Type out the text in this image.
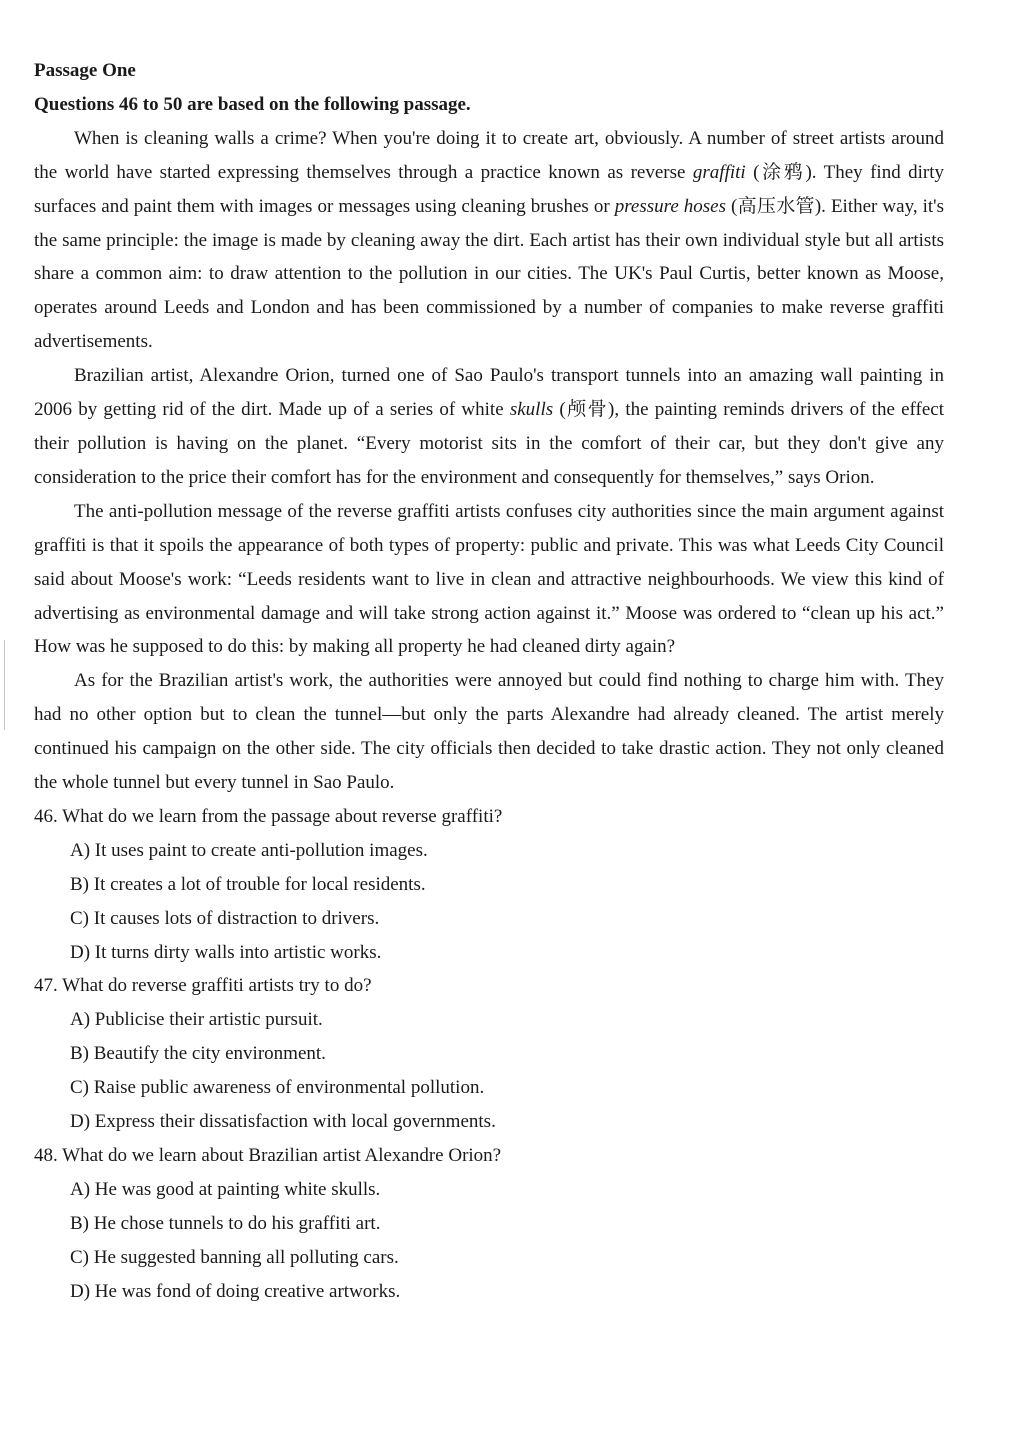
Passage One

Questions 46 to 50 are based on the following passage.

When is cleaning walls a crime? When you're doing it to create art, obviously. A number of street artists around the world have started expressing themselves through a practice known as reverse graffiti (涂鸦). They find dirty surfaces and paint them with images or messages using cleaning brushes or pressure hoses (高压水管). Either way, it's the same principle: the image is made by cleaning away the dirt. Each artist has their own individual style but all artists share a common aim: to draw attention to the pollution in our cities. The UK's Paul Curtis, better known as Moose, operates around Leeds and London and has been commissioned by a number of companies to make reverse graffiti advertisements.

Brazilian artist, Alexandre Orion, turned one of Sao Paulo's transport tunnels into an amazing wall painting in 2006 by getting rid of the dirt. Made up of a series of white skulls (颅骨), the painting reminds drivers of the effect their pollution is having on the planet. “Every motorist sits in the comfort of their car, but they don't give any consideration to the price their comfort has for the environment and consequently for themselves,” says Orion.

The anti-pollution message of the reverse graffiti artists confuses city authorities since the main argument against graffiti is that it spoils the appearance of both types of property: public and private. This was what Leeds City Council said about Moose's work: “Leeds residents want to live in clean and attractive neighbourhoods. We view this kind of advertising as environmental damage and will take strong action against it.” Moose was ordered to “clean up his act.” How was he supposed to do this: by making all property he had cleaned dirty again?

As for the Brazilian artist's work, the authorities were annoyed but could find nothing to charge him with. They had no other option but to clean the tunnel—but only the parts Alexandre had already cleaned. The artist merely continued his campaign on the other side. The city officials then decided to take drastic action. They not only cleaned the whole tunnel but every tunnel in Sao Paulo.

46. What do we learn from the passage about reverse graffiti?

A) It uses paint to create anti-pollution images.

B) It creates a lot of trouble for local residents.

C) It causes lots of distraction to drivers.

D) It turns dirty walls into artistic works.

47. What do reverse graffiti artists try to do?

A) Publicise their artistic pursuit.

B) Beautify the city environment.

C) Raise public awareness of environmental pollution.

D) Express their dissatisfaction with local governments.

48. What do we learn about Brazilian artist Alexandre Orion?

A) He was good at painting white skulls.

B) He chose tunnels to do his graffiti art.

C) He suggested banning all polluting cars.

D) He was fond of doing creative artworks.
